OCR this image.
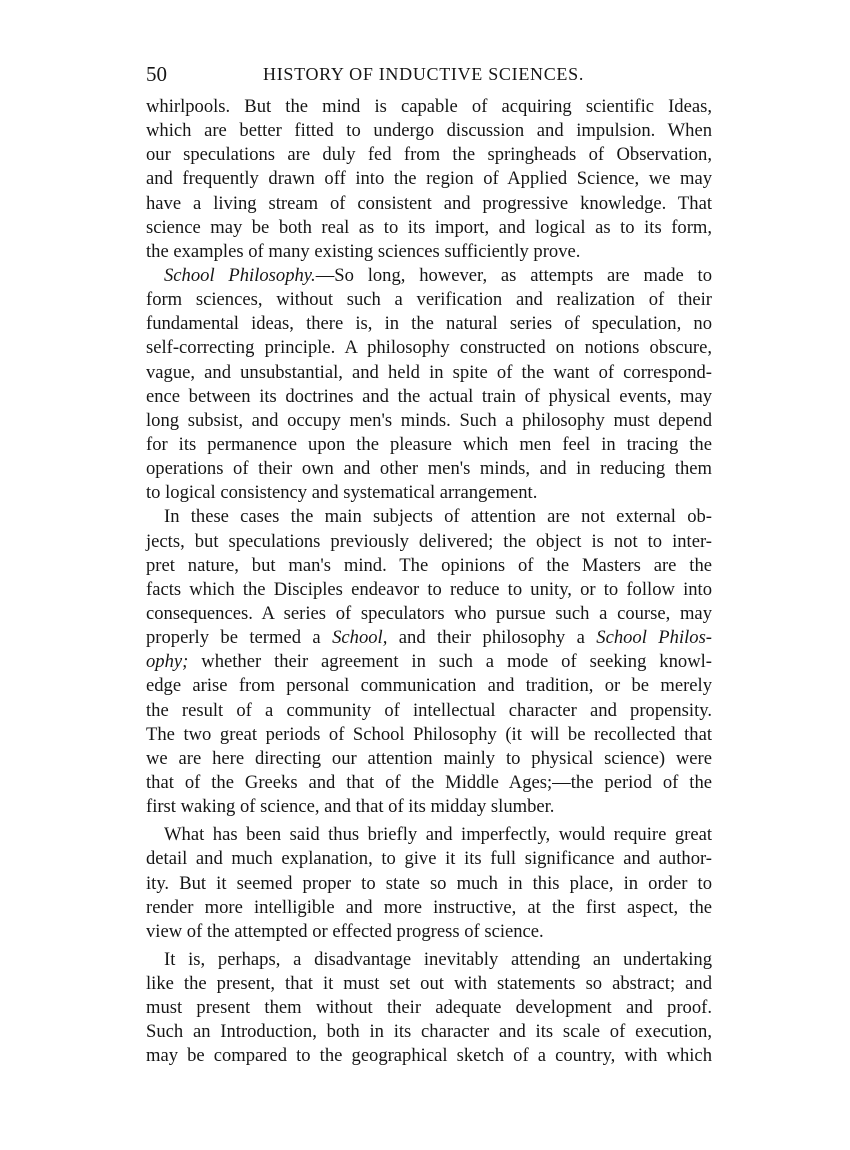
50	HISTORY OF INDUCTIVE SCIENCES.

whirlpools. But the mind is capable of acquiring scientific Ideas,
which are better fitted to undergo discussion and impulsion. When
our speculations are duly fed from the springheads of Observation,
and frequently drawn off into the region of Applied Science, we may
have a living stream of consistent and progressive knowledge. That
science may be both real as to its import, and logical as to its form,
the examples of many existing sciences sufficiently prove.

School Philosophy.—So long, however, as attempts are made to
form sciences, without such a verification and realization of their
fundamental ideas, there is, in the natural series of speculation, no
self-correcting principle. A philosophy constructed on notions obscure,
vague, and unsubstantial, and held in spite of the want of correspond-
ence between its doctrines and the actual train of physical events, may
long subsist, and occupy men's minds. Such a philosophy must depend
for its permanence upon the pleasure which men feel in tracing the
operations of their own and other men's minds, and in reducing them
to logical consistency and systematical arrangement.

In these cases the main subjects of attention are not external ob-
jects, but speculations previously delivered; the object is not to inter-
pret nature, but man's mind. The opinions of the Masters are the
facts which the Disciples endeavor to reduce to unity, or to follow into
consequences. A series of speculators who pursue such a course, may
properly be termed a School, and their philosophy a School Philos-
ophy; whether their agreement in such a mode of seeking knowl-
edge arise from personal communication and tradition, or be merely
the result of a community of intellectual character and propensity.
The two great periods of School Philosophy (it will be recollected that
we are here directing our attention mainly to physical science) were
that of the Greeks and that of the Middle Ages;—the period of the
first waking of science, and that of its midday slumber.

What has been said thus briefly and imperfectly, would require great
detail and much explanation, to give it its full significance and author-
ity. But it seemed proper to state so much in this place, in order to
render more intelligible and more instructive, at the first aspect, the
view of the attempted or effected progress of science.

It is, perhaps, a disadvantage inevitably attending an undertaking
like the present, that it must set out with statements so abstract; and
must present them without their adequate development and proof.
Such an Introduction, both in its character and its scale of execution,
may be compared to the geographical sketch of a country, with which
